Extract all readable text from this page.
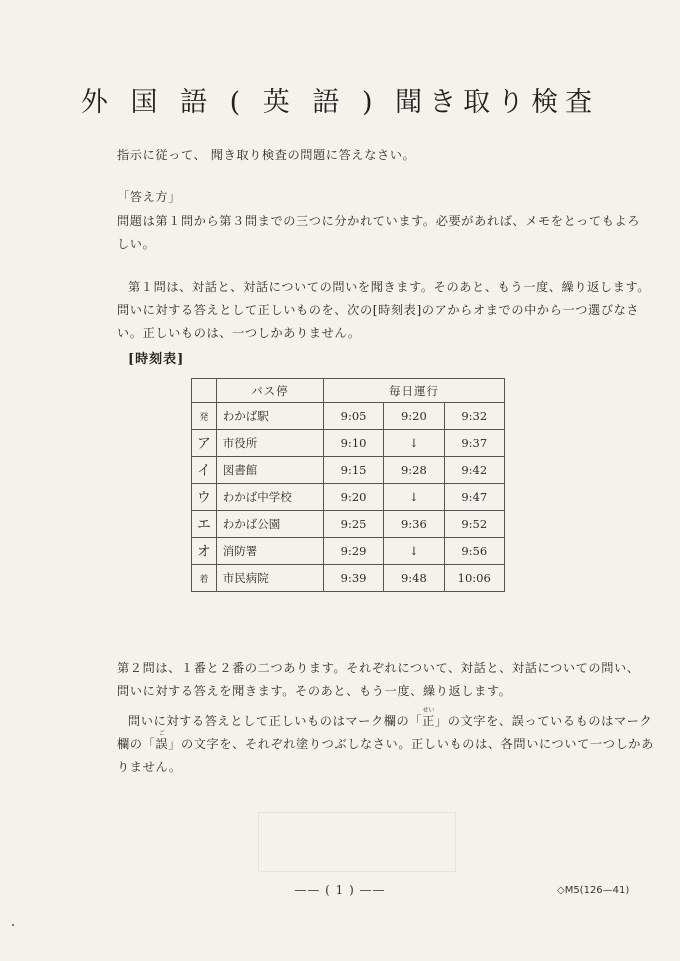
外 国 語 ( 英 語 ) 聞き取り検査
指示に従って、 聞き取り検査の問題に答えなさい。
「答え方」
問題は第１問から第３問までの三つに分かれています。必要があれば、メモをとってもよろ
しい。
第１問は、対話と、対話についての問いを聞きます。そのあと、もう一度、繰り返します。
問いに対する答えとして正しいものを、次の[時刻表]のアからオまでの中から一つ選びなさ
い。正しいものは、一つしかありません。
[時刻表]
	バス停	毎日運行		
発	わかば駅	9:05	9:20	9:32
ア	市役所	9:10	↓	9:37
イ	図書館	9:15	9:28	9:42
ウ	わかば中学校	9:20	↓	9:47
エ	わかば公園	9:25	9:36	9:52
オ	消防署	9:29	↓	9:56
着	市民病院	9:39	9:48	10:06
第２問は、１番と２番の二つあります。それぞれについて、対話と、対話についての問い、
問いに対する答えを聞きます。そのあと、もう一度、繰り返します。
問いに対する答えとして正しいものはマーク欄の「
せい
正」の文字を、誤っているものはマーク
欄の「
ご
誤」の文字を、それぞれ塗りつぶしなさい。正しいものは、各問いについて一つしかあ
りません。
—— ( 1 ) ——	◇M5(126—41)
